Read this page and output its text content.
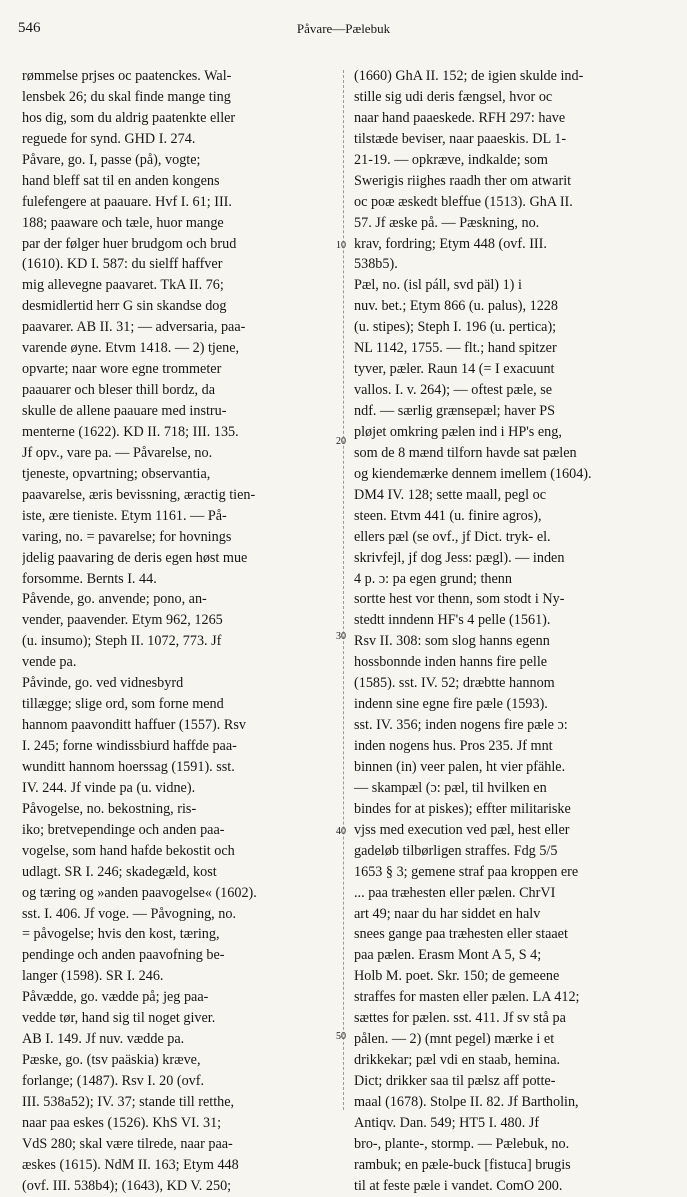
546	Påvare—Pælebuk
rømmelse prjses oc paatenckes. Wal-
lensbek 26; du skal finde mange ting
hos dig, som du aldrig paatenkte eller
reguede for synd. GHD I. 274.
Påvare, go. I, passe (på), vogte;
hand bleff sat til en anden kongens
fulefengere at paauare. Hvf I. 61; III.
188; paaware och tæle, huor mange
par der følger huer brudgom och brud
(1610). KD I. 587: du sielff haffver
mig allevegne paavaret. TkA II. 76;
desmidlertid herr G sin skandse dog
paavarer. AB II. 31; — adversaria, paa-
varende øyne. Etvm 1418. — 2) tjene,
opvarte; naar wore egne trommeter
paauarer och bleser thill bordz, da
skulle de allene paauare med instru-
menterne (1622). KD II. 718; III. 135.
Jf opv., vare pa. — Påvarelse, no.
tjeneste, opvartning; observantia,
paavarelse, æris bevissning, æractig tien-
iste, ære tieniste. Etym 1161. — På-
varing, no. = pavarelse; for hovnings
jdelig paavaring de deris egen høst mue
forsomme. Bernts I. 44.
Påvende, go. anvende; pono, an-
vender, paavender. Etym 962, 1265
(u. insumo); Steph II. 1072, 773. Jf
vende pa.
Påvinde, go. ved vidnesbyrd
tillægge; slige ord, som forne mend
hannom paavonditt haffuer (1557). Rsv
I. 245; forne windissbiurd haffde paa-
wunditt hannom hoerssag (1591). sst.
IV. 244. Jf vinde pa (u. vidne).
Påvogelse, no. bekostning, ris-
iko; bretvependinge och anden paa-
vogelse, som hand hafde bekostit och
udlagt. SR I. 246; skadegæld, kost
og tæring og »anden paavogelse« (1602).
sst. I. 406. Jf voge. — Påvogning, no.
= påvogelse; hvis den kost, tæring,
pendinge och anden paavofning be-
langer (1598). SR I. 246.
Påvædde, go. vædde på; jeg paa-
vedde tør, hand sig til noget giver.
AB I. 149. Jf nuv. vædde pa.
Pæske, go. (tsv paäskia) kræve,
forlange; (1487). Rsv I. 20 (ovf.
III. 538a52); IV. 37; stande till retthe,
naar paa eskes (1526). KhS VI. 31;
VdS 280; skal være tilrede, naar paa-
æskes (1615). NdM II. 163; Etym 448
(ovf. III. 538b4); (1643), KD V. 250;
(1660) GhA II. 152; de igien skulde ind-
stille sig udi deris fængsel, hvor oc
naar hand paaeskede. RFH 297: have
tilstæde beviser, naar paaeskis. DL 1-
21-19. — opkræve, indkalde; som
Swerigis riighes raadh ther om atwarit
oc poæ æskedt bleffue (1513). GhA II.
57. Jf æske på. — Pæskning, no.
krav, fordring; Etym 448 (ovf. III.
538b5).
Pæl, no. (isl páll, svd päl) 1) i
nuv. bet.; Etym 866 (u. palus), 1228
(u. stipes); Steph I. 196 (u. pertica);
NL 1142, 1755. — flt.; hand spitzer
tyver, pæler. Raun 14 (= I exacuunt
vallos. I. v. 264); — oftest pæle, se
ndf. — særlig grænsepæl; haver PS
pløjet omkring pælen ind i HP's eng,
som de 8 mænd tilforn havde sat pælen
og kiendemærke dennem imellem (1604).
DM4 IV. 128; sette maall, pegl oc
steen. Etvm 441 (u. finire agros),
ellers pæl (se ovf., jf Dict. tryk- el.
skrivfejl, jf dog Jess: pægl). — inden
4 p. ɔ: pa egen grund; thenn
sortte hest vor thenn, som stodt i Ny-
stedtt inndenn HF's 4 pelle (1561).
Rsv II. 308: som slog hanns egenn
hossbonnde inden hanns fire pelle
(1585). sst. IV. 52; dræbtte hannom
indenn sine egne fire pæle (1593).
sst. IV. 356; inden nogens fire pæle ɔ:
inden nogens hus. Pros 235. Jf mnt
binnen (in) veer palen, ht vier pfähle.
— skampæl (ɔ: pæl, til hvilken en
bindes for at piskes); effter militariske
vjss med execution ved pæl, hest eller
gadeløb tilbørligen straffes. Fdg 5/5
1653 § 3; gemene straf paa kroppen ere
... paa træhesten eller pælen. ChrVI
art 49; naar du har siddet en halv
snees gange paa træhesten eller staaet
paa pælen. Erasm Mont A 5, S 4;
Holb M. poet. Skr. 150; de gemeene
straffes for masten eller pælen. LA 412;
sættes for pælen. sst. 411. Jf sv stå pa
pålen. — 2) (mnt pegel) mærke i et
drikkekar; pæl vdi en staab, hemina.
Dict; drikker saa til pælsz aff potte-
maal (1678). Stolpe II. 82. Jf Bartholin,
Antiqv. Dan. 549; HT5 I. 480. Jf
bro-, plante-, stormp. — Pælebuk, no.
rambuk; en pæle-buck [fistuca] brugis
til at feste pæle i vandet. ComO 200.
10
20
30
40
50
